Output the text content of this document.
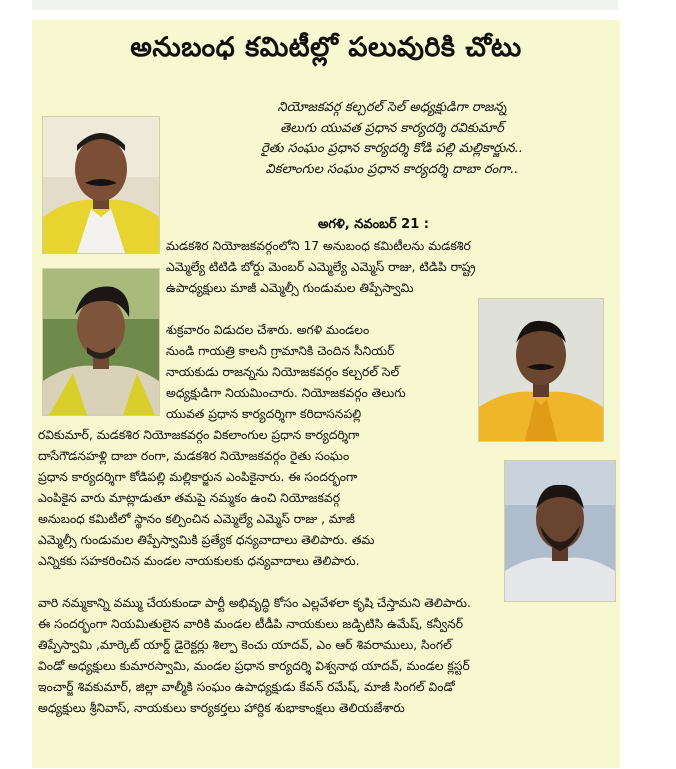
అనుబంధ కమిటీల్లో పలువురికి చోటు
నియోజకవర్గ కల్చరల్ సెల్ అధ్యక్షుడిగా రాజన్న
తెలుగు యువత ప్రధాన కార్యదర్శి రవికుమార్
రైతు సంఘం ప్రధాన కార్యదర్శి కోడి పల్లి మల్లికార్జున..
వికలాంగుల సంఘం ప్రధాన కార్యదర్శి దాబా రంగా..
అగళి, నవంబర్ 21 :
మడకశిర నియోజకవర్గంలోని 17 అనుబంధ కమిటీలను మడకశిర
ఎమ్మెల్యే టిటిడి బోర్డు మెంబర్ ఎమ్మెల్యే ఎమ్మెస్ రాజు, టిడిపి రాష్ట్ర
ఉపాధ్యక్షులు మాజీ ఎమ్మెల్సీ గుండుమల తిప్పేస్వామి
శుక్రవారం విడుదల చేశారు. అగళి మండలం
నుండి గాయత్రి కాలనీ గ్రామానికి చెందిన సీనియర్
నాయకుడు రాజన్నను నియోజకవర్గం కల్చరల్ సెల్
అధ్యక్షుడిగా నియమించారు. నియోజకవర్గం తెలుగు
యువత ప్రధాన కార్యదర్శిగా కరిదాసనపల్లి
రవికుమార్, మడకశిర నియోజకవర్గం వికలాంగుల ప్రధాన కార్యదర్శిగా
దాసేగౌడనహళ్లి దాబా రంగా, మడకశిర నియోజకవర్గం రైతు సంఘం
ప్రధాన కార్యదర్శిగా కోడిపల్లి మల్లికార్జున ఎంపికైనారు. ఈ సందర్భంగా
ఎంపికైన వారు మాట్లాడుతూ తమపై నమ్మకం ఉంచి నియోజకవర్గ
అనుబంధ కమిటీలో స్థానం కల్పించిన ఎమ్మెల్యే ఎమ్మెస్ రాజు , మాజీ
ఎమ్మెల్సీ గుండుమల తిప్పేస్వామికి ప్రత్యేక ధన్యవాదాలు తెలిపారు. తమ
ఎన్నికకు సహకరించిన మండల నాయకులకు ధన్యవాదాలు తెలిపారు.
వారి నమ్మకాన్ని వమ్ము చేయకుండా పార్టీ అభివృద్ధి కోసం ఎల్లవేళలా కృషి చేస్తామని తెలిపారు.
ఈ సందర్భంగా నియమితులైన వారికి మండల టీడీపి నాయకులు జడ్పిటిసి ఉమేష్, కన్వీనర్
తిప్పేస్వామి ,మార్కెట్ యార్డ్ డైరెక్టర్లు శిల్పా కెంచు యాదవ్, ఎం ఆర్ శివరాములు, సింగల్
విండో అధ్యక్షులు కుమారస్వామి, మండల ప్రధాన కార్యదర్శి విశ్వనాథ యాదవ్, మండల క్లస్టర్
ఇంచార్జ్ శివకుమార్, జిల్లా వాల్మీకి సంఘం ఉపాధ్యక్షుడు కేవన్ రమేష్, మాజీ సింగల్ విండో
అధ్యక్షులు శ్రీనివాస్, నాయకులు కార్యకర్తలు హార్దిక శుభాకాంక్షలు తెలియజేశారు
